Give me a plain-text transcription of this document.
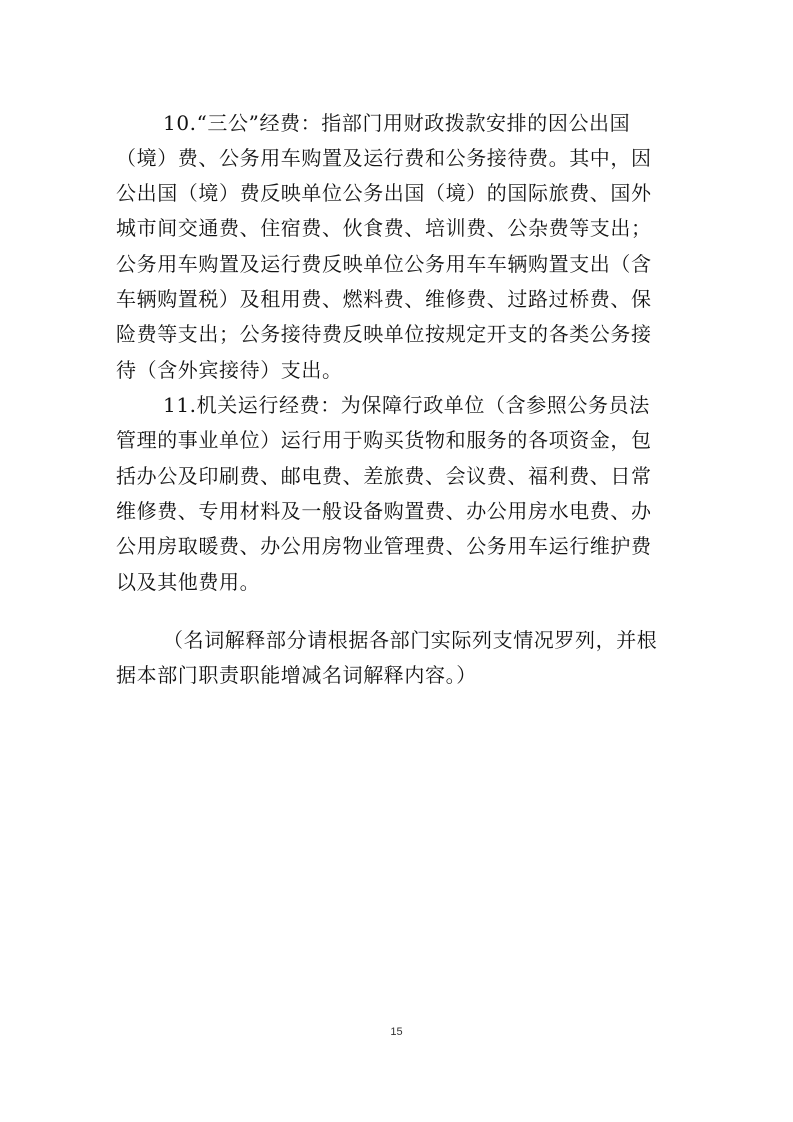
10.“三公”经费：指部门用财政拨款安排的因公出国

（境）费、公务用车购置及运行费和公务接待费。其中，因

公出国（境）费反映单位公务出国（境）的国际旅费、国外

城市间交通费、住宿费、伙食费、培训费、公杂费等支出；

公务用车购置及运行费反映单位公务用车车辆购置支出（含

车辆购置税）及租用费、燃料费、维修费、过路过桥费、保

险费等支出；公务接待费反映单位按规定开支的各类公务接

待（含外宾接待）支出。

11.机关运行经费：为保障行政单位（含参照公务员法

管理的事业单位）运行用于购买货物和服务的各项资金，包

括办公及印刷费、邮电费、差旅费、会议费、福利费、日常

维修费、专用材料及一般设备购置费、办公用房水电费、办

公用房取暖费、办公用房物业管理费、公务用车运行维护费

以及其他费用。

（名词解释部分请根据各部门实际列支情况罗列，并根

据本部门职责职能增减名词解释内容。）

15
